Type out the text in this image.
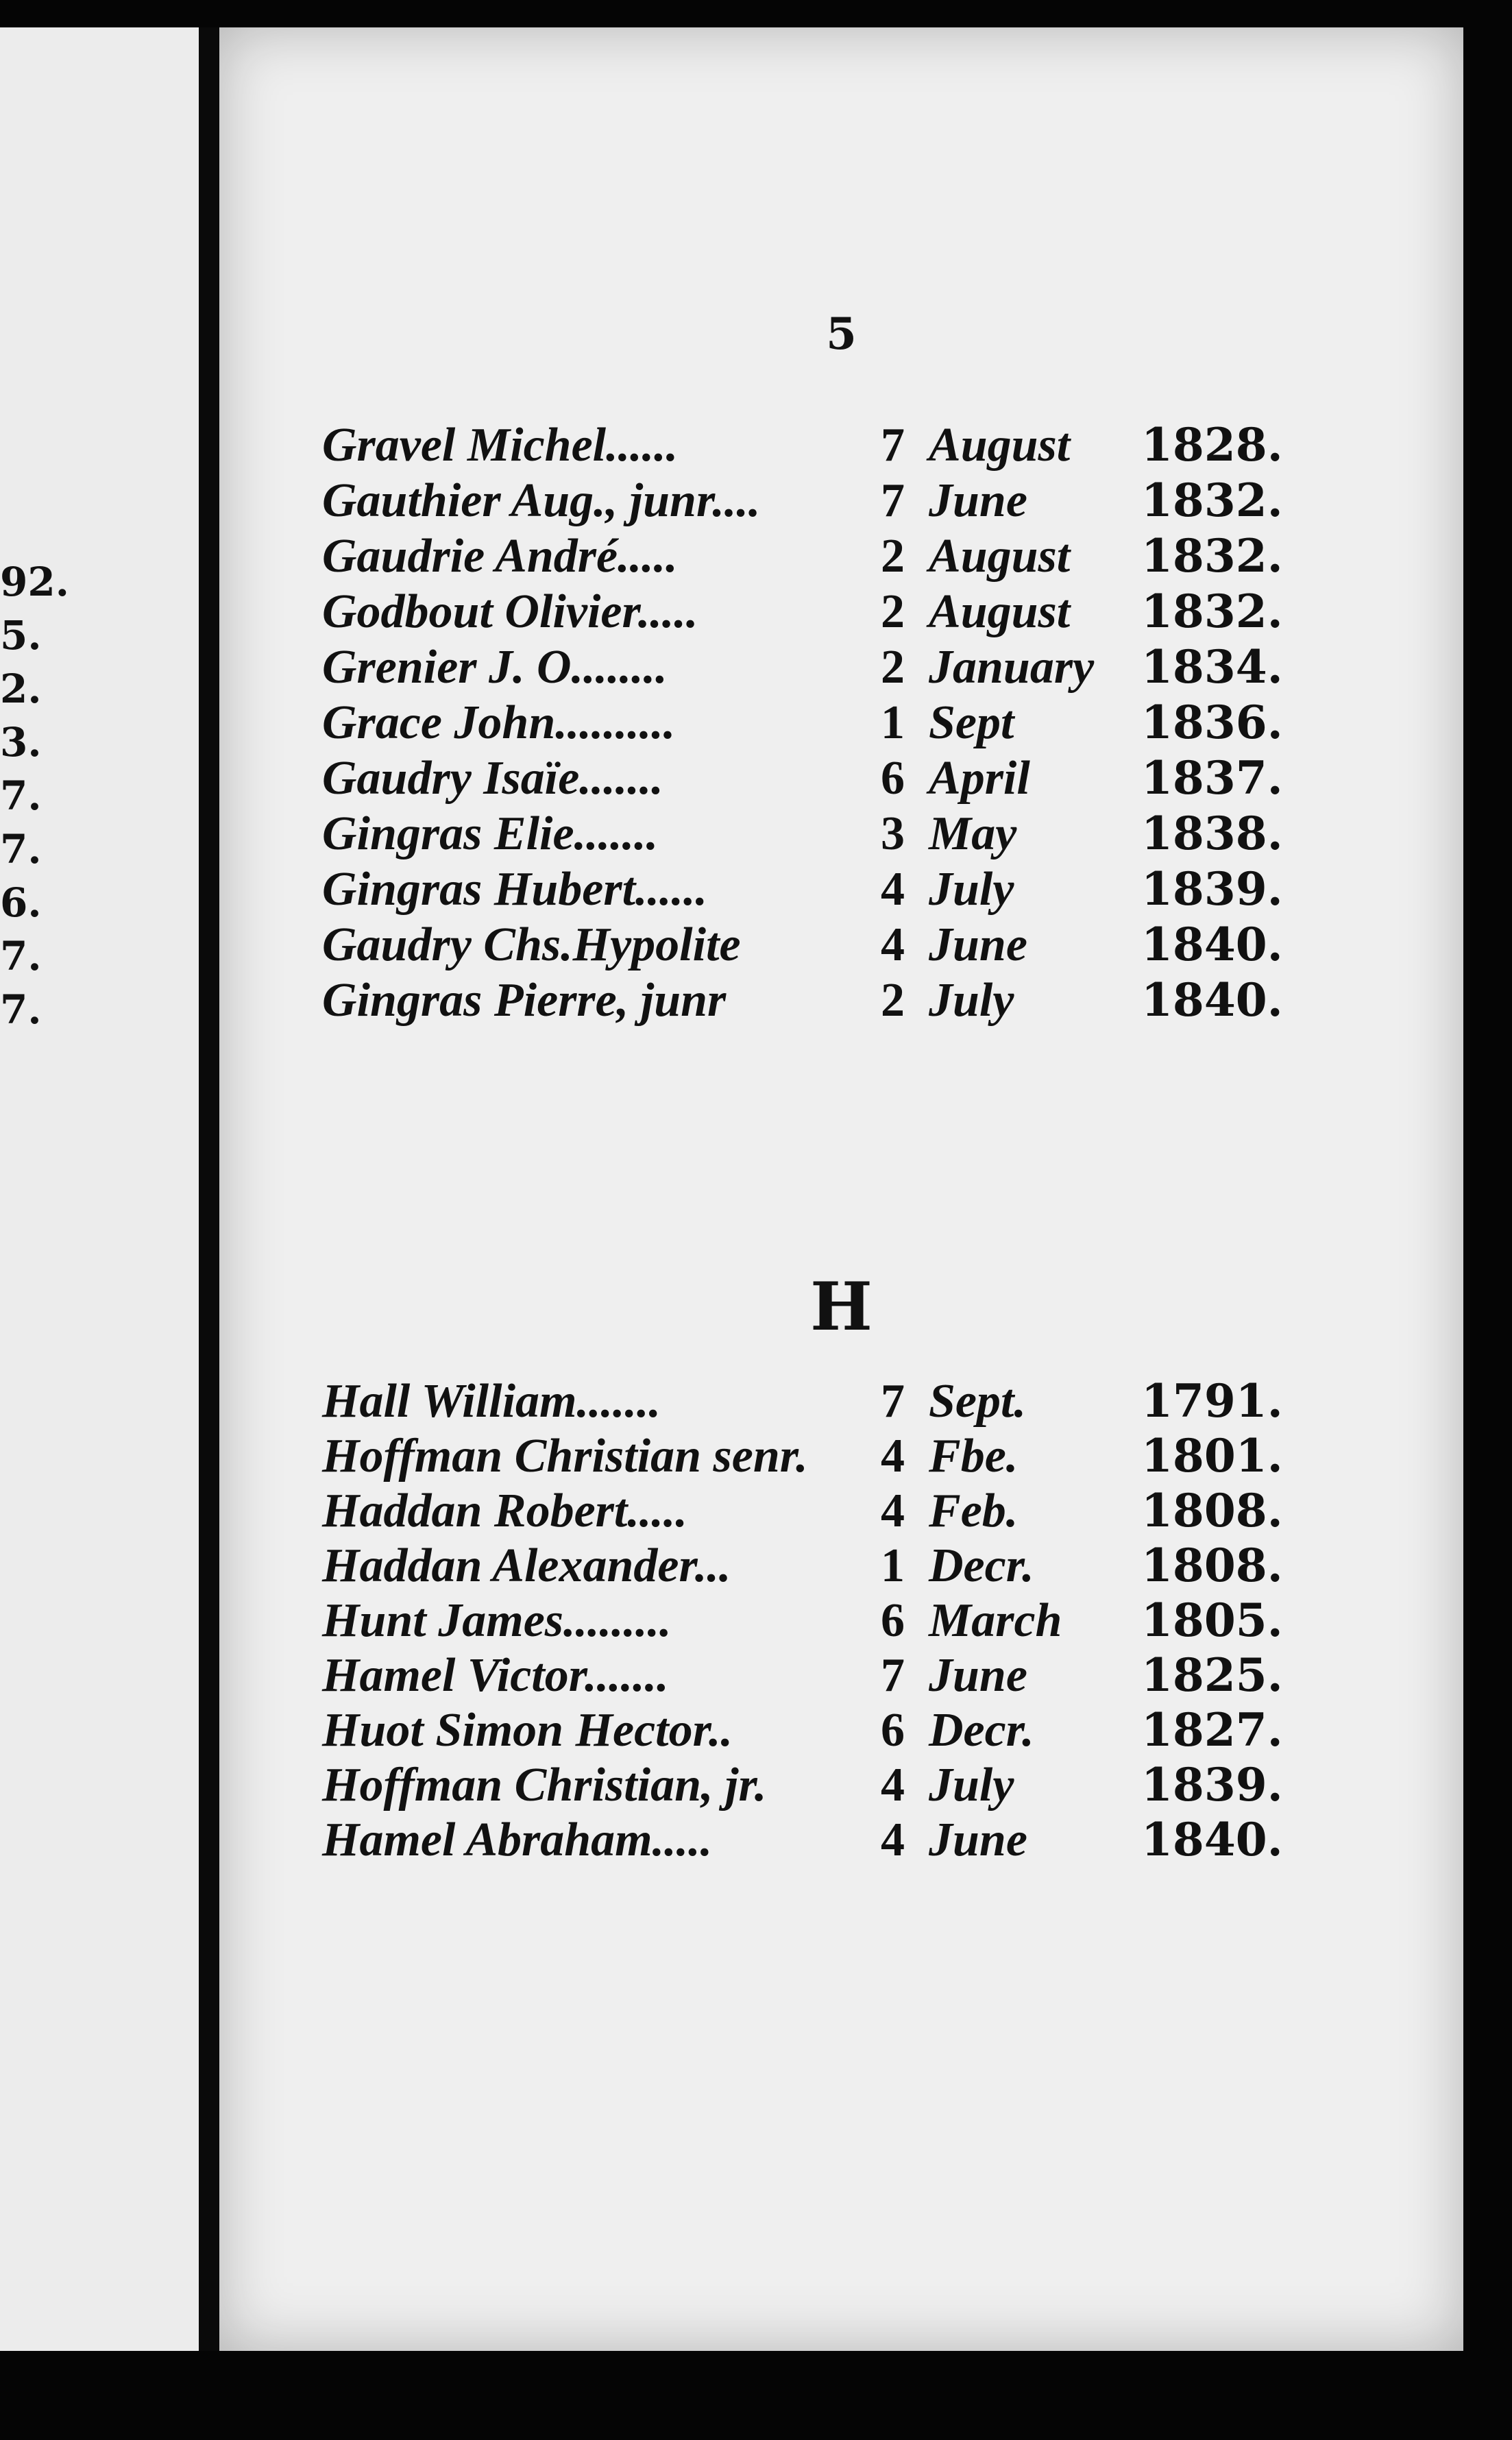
92.
5.
2.
3.
7.
7.
6.
7.
7.
5
Gravel Michel......	7 August 1828.
Gauthier Aug., junr....	7 June	1832.
Gaudrie André.....	2 August 1832.
Godbout Olivier.....	2 August 1832.
Grenier J. O........	2 January 1834.
Grace John..........	1 Sept	1836.
Gaudry Isaïe.......	6 April 1837.
Gingras Elie.......	3 May	1838.
Gingras Hubert......	4 July	1839.
Gaudry Chs.Hypolite	4 June	1840.
Gingras Pierre, junr	2 July	1840.
H
Hall William.......	7 Sept.	1791.
Hoffman Christian senr.	4 Fbe.	1801.
Haddan Robert.....	4 Feb.	1808.
Haddan Alexander...	1 Decr. 1808.
Hunt James.........	6 March 1805.
Hamel Victor.......	7 June	1825.
Huot Simon Hector..	6 Decr. 1827.
Hoffman Christian, jr.	4 July	1839.
Hamel Abraham.....	4 June	1840.
